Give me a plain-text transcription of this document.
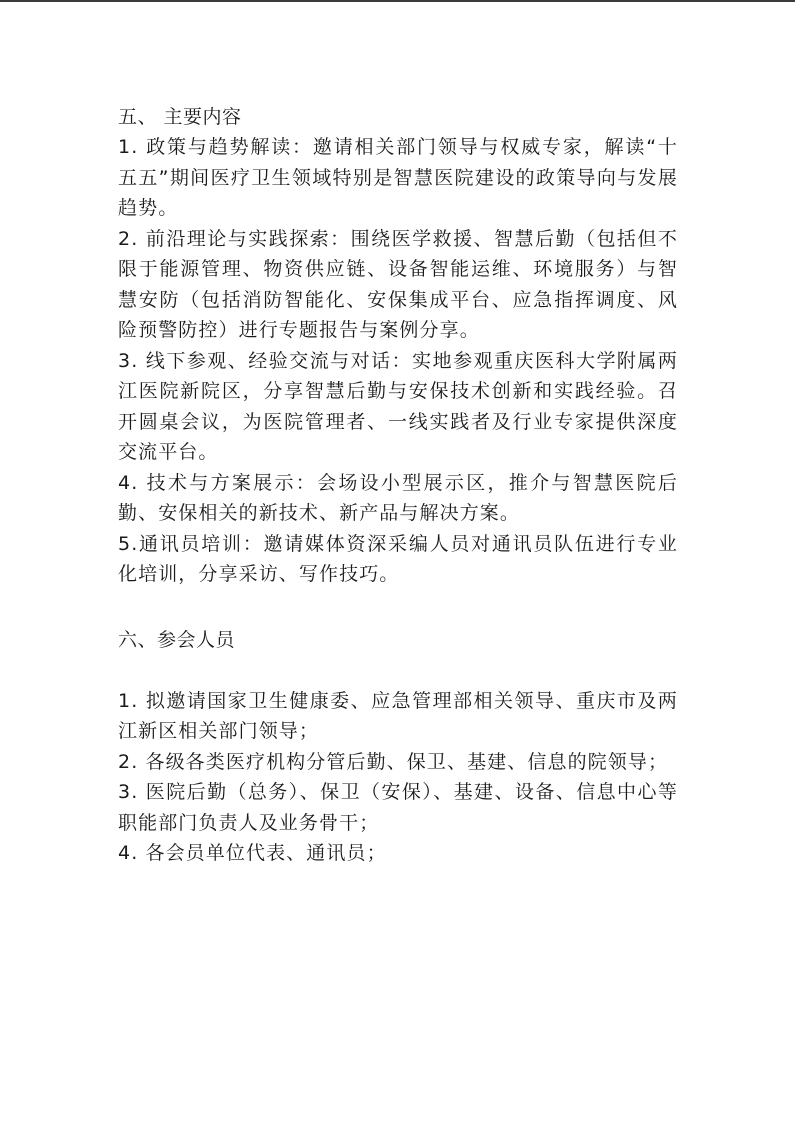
五、 主要内容

1. 政策与趋势解读：邀请相关部门领导与权威专家，解读“十五五”期间医疗卫生领域特别是智慧医院建设的政策导向与发展趋势。

2. 前沿理论与实践探索：围绕医学救援、智慧后勤（包括但不限于能源管理、物资供应链、设备智能运维、环境服务）与智慧安防（包括消防智能化、安保集成平台、应急指挥调度、风险预警防控）进行专题报告与案例分享。

3. 线下参观、经验交流与对话：实地参观重庆医科大学附属两江医院新院区，分享智慧后勤与安保技术创新和实践经验。召开圆桌会议，为医院管理者、一线实践者及行业专家提供深度交流平台。

4. 技术与方案展示：会场设小型展示区，推介与智慧医院后勤、安保相关的新技术、新产品与解决方案。

5.通讯员培训：邀请媒体资深采编人员对通讯员队伍进行专业化培训，分享采访、写作技巧。

六、参会人员

1. 拟邀请国家卫生健康委、应急管理部相关领导、重庆市及两江新区相关部门领导；

2. 各级各类医疗机构分管后勤、保卫、基建、信息的院领导；

3. 医院后勤（总务）、保卫（安保）、基建、设备、信息中心等职能部门负责人及业务骨干；

4. 各会员单位代表、通讯员；
